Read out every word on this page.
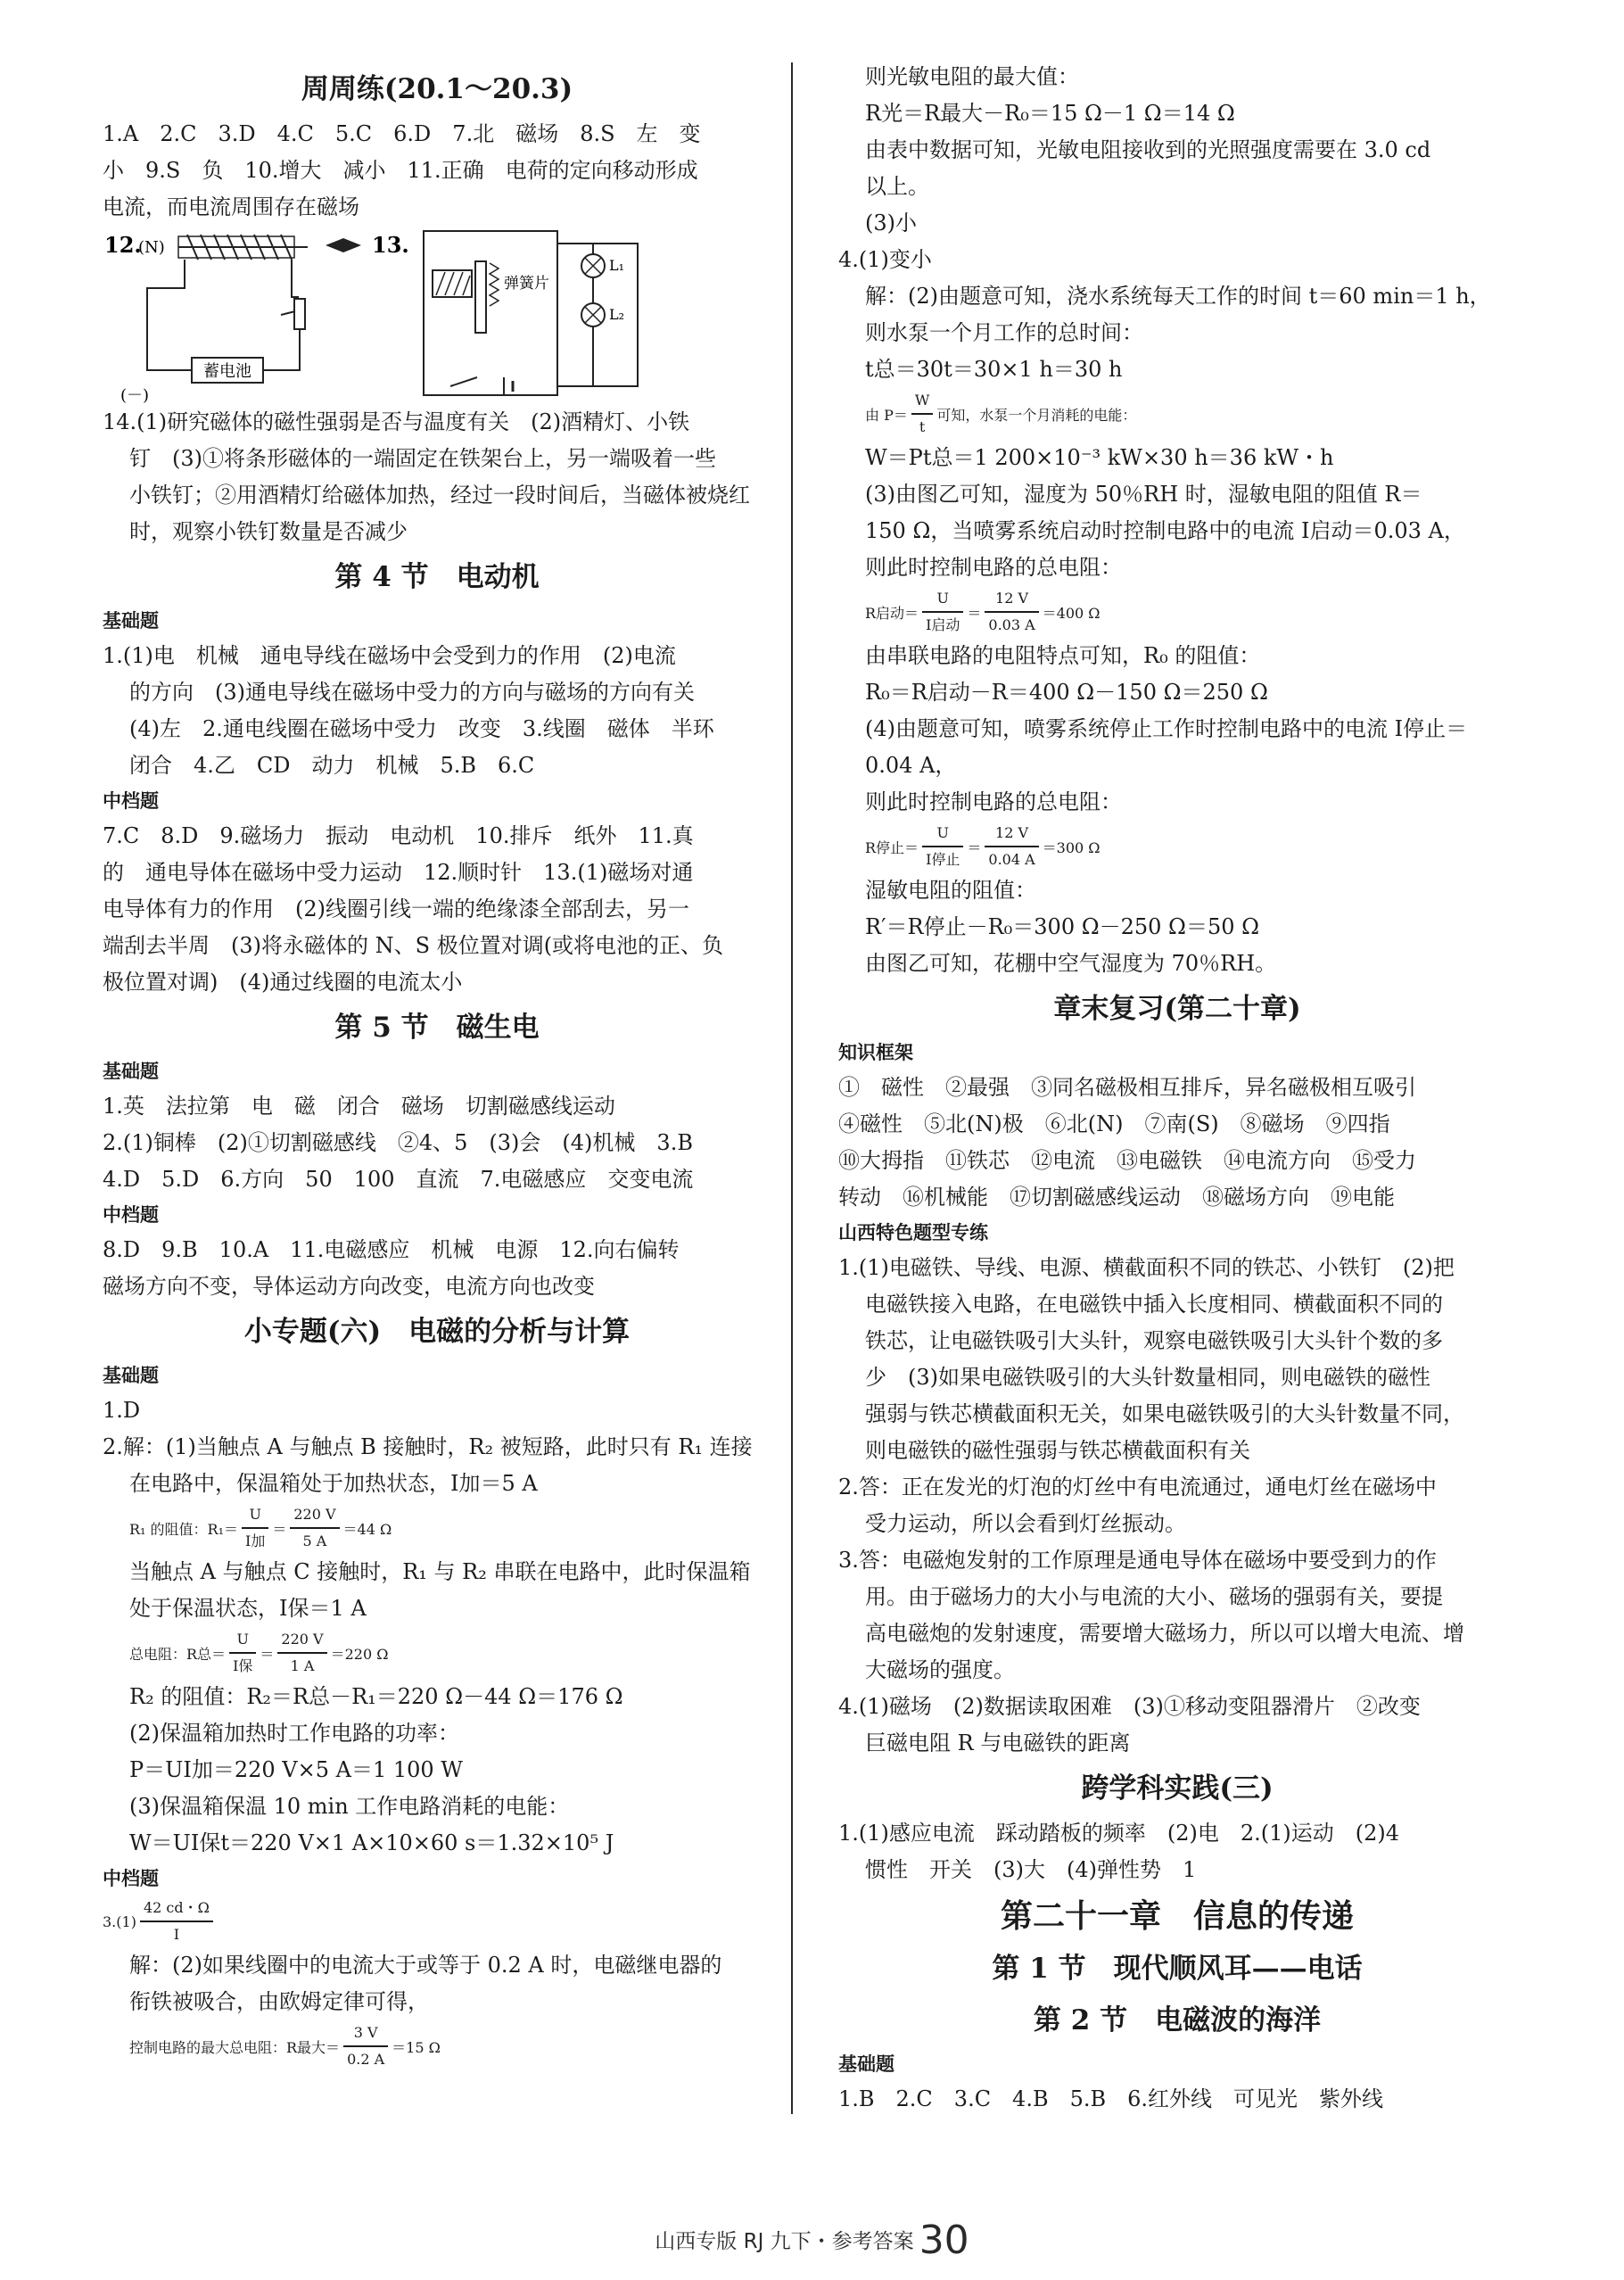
周周练(20.1～20.3)

1.A　2.C　3.D　4.C　5.C　6.D　7.北　磁场　8.S　左　变

小　9.S　负　10.增大　减小　11.正确　电荷的定向移动形成

电流，而电流周围存在磁场

12.
(N)
蓄电池
(－)
13.
弹簧片
L₁
L₂

14.(1)研究磁体的磁性强弱是否与温度有关　(2)酒精灯、小铁

钉　(3)①将条形磁体的一端固定在铁架台上，另一端吸着一些

小铁钉；②用酒精灯给磁体加热，经过一段时间后，当磁体被烧红

时，观察小铁钉数量是否减少

第 4 节　电动机
基础题

1.(1)电　机械　通电导线在磁场中会受到力的作用　(2)电流

的方向　(3)通电导线在磁场中受力的方向与磁场的方向有关

(4)左　2.通电线圈在磁场中受力　改变　3.线圈　磁体　半环

闭合　4.乙　CD　动力　机械　5.B　6.C

中档题

7.C　8.D　9.磁场力　振动　电动机　10.排斥　纸外　11.真

的　通电导体在磁场中受力运动　12.顺时针　13.(1)磁场对通

电导体有力的作用　(2)线圈引线一端的绝缘漆全部刮去，另一

端刮去半周　(3)将永磁体的 N、S 极位置对调(或将电池的正、负

极位置对调)　(4)通过线圈的电流太小

第 5 节　磁生电
基础题

1.英　法拉第　电　磁　闭合　磁场　切割磁感线运动

2.(1)铜棒　(2)①切割磁感线　②4、5　(3)会　(4)机械　3.B

4.D　5.D　6.方向　50　100　直流　7.电磁感应　交变电流

中档题

8.D　9.B　10.A　11.电磁感应　机械　电源　12.向右偏转

磁场方向不变，导体运动方向改变，电流方向也改变

小专题(六)　电磁的分析与计算
基础题

1.D

2.解：(1)当触点 A 与触点 B 接触时，R₂ 被短路，此时只有 R₁ 连接

在电路中，保温箱处于加热状态，I加＝5 A

R₁ 的阻值：$R_1= \frac{U}{\text{I加}} = \frac{220 V}{5 A} =44$ Ω

当触点 A 与触点 C 接触时，R₁ 与 R₂ 串联在电路中，此时保温箱

处于保温状态，I保＝1 A

总电阻：R总＝ $\frac{U}{\text{I保}} = \frac{220 V}{1 A} =220$ Ω

R₂ 的阻值：R₂＝R总－R₁＝220 Ω－44 Ω＝176 Ω

(2)保温箱加热时工作电路的功率：

P＝UI加＝220 V×5 A＝1 100 W

(3)保温箱保温 10 min 工作电路消耗的电能：

W＝UI保t＝220 V×1 A×10×60 s＝1.32×10⁵ J

中档题
$3.(1) \frac{42 cd・\Omega}{I}$

解：(2)如果线圈中的电流大于或等于 0.2 A 时，电磁继电器的

衔铁被吸合，由欧姆定律可得，

控制电路的最大总电阻：R最大＝ $\frac{3 V}{0.2 A} =15$ Ω

则光敏电阻的最大值：

R光＝R最大－R₀＝15 Ω－1 Ω＝14 Ω

由表中数据可知，光敏电阻接收到的光照强度需要在 3.0 cd

以上。

(3)小

4.(1)变小

解：(2)由题意可知，浇水系统每天工作的时间 t＝60 min＝1 h，

则水泵一个月工作的总时间：

t总＝30t＝30×1 h＝30 h

由 $P= \frac{W}{t}$ 可知，水泵一个月消耗的电能：

W＝Pt总＝1 200×10⁻³ kW×30 h＝36 kW・h

(3)由图乙可知，湿度为 50％RH 时，湿敏电阻的阻值 R＝

150 Ω，当喷雾系统启动时控制电路中的电流 I启动＝0.03 A，

则此时控制电路的总电阻：

R启动＝ $\frac{U}{\text{I启动}} = \frac{12 V}{0.03 A} =400$ Ω

由串联电路的电阻特点可知，R₀ 的阻值：

R₀＝R启动－R＝400 Ω－150 Ω＝250 Ω

(4)由题意可知，喷雾系统停止工作时控制电路中的电流 I停止＝

0.04 A，

则此时控制电路的总电阻：

R停止＝ $\frac{U}{\text{I停止}} = \frac{12 V}{0.04 A} =300$ Ω

湿敏电阻的阻值：

R′＝R停止－R₀＝300 Ω－250 Ω＝50 Ω

由图乙可知，花棚中空气湿度为 70％RH。

章末复习(第二十章)
知识框架

①　磁性　②最强　③同名磁极相互排斥，异名磁极相互吸引

④磁性　⑤北(N)极　⑥北(N)　⑦南(S)　⑧磁场　⑨四指

⑩大拇指　⑪铁芯　⑫电流　⑬电磁铁　⑭电流方向　⑮受力

转动　⑯机械能　⑰切割磁感线运动　⑱磁场方向　⑲电能

山西特色题型专练

1.(1)电磁铁、导线、电源、横截面积不同的铁芯、小铁钉　(2)把

电磁铁接入电路，在电磁铁中插入长度相同、横截面积不同的

铁芯，让电磁铁吸引大头针，观察电磁铁吸引大头针个数的多

少　(3)如果电磁铁吸引的大头针数量相同，则电磁铁的磁性

强弱与铁芯横截面积无关，如果电磁铁吸引的大头针数量不同，

则电磁铁的磁性强弱与铁芯横截面积有关

2.答：正在发光的灯泡的灯丝中有电流通过，通电灯丝在磁场中

受力运动，所以会看到灯丝振动。

3.答：电磁炮发射的工作原理是通电导体在磁场中要受到力的作

用。由于磁场力的大小与电流的大小、磁场的强弱有关，要提

高电磁炮的发射速度，需要增大磁场力，所以可以增大电流、增

大磁场的强度。

4.(1)磁场　(2)数据读取困难　(3)①移动变阻器滑片　②改变

巨磁电阻 R 与电磁铁的距离

跨学科实践(三)

1.(1)感应电流　踩动踏板的频率　(2)电　2.(1)运动　(2)4

惯性　开关　(3)大　(4)弹性势　1

第二十一章　信息的传递
第 1 节　现代顺风耳——电话
第 2 节　电磁波的海洋
基础题

1.B　2.C　3.C　4.B　5.B　6.红外线　可见光　紫外线

山西专版 RJ 九下・参考答案 30
